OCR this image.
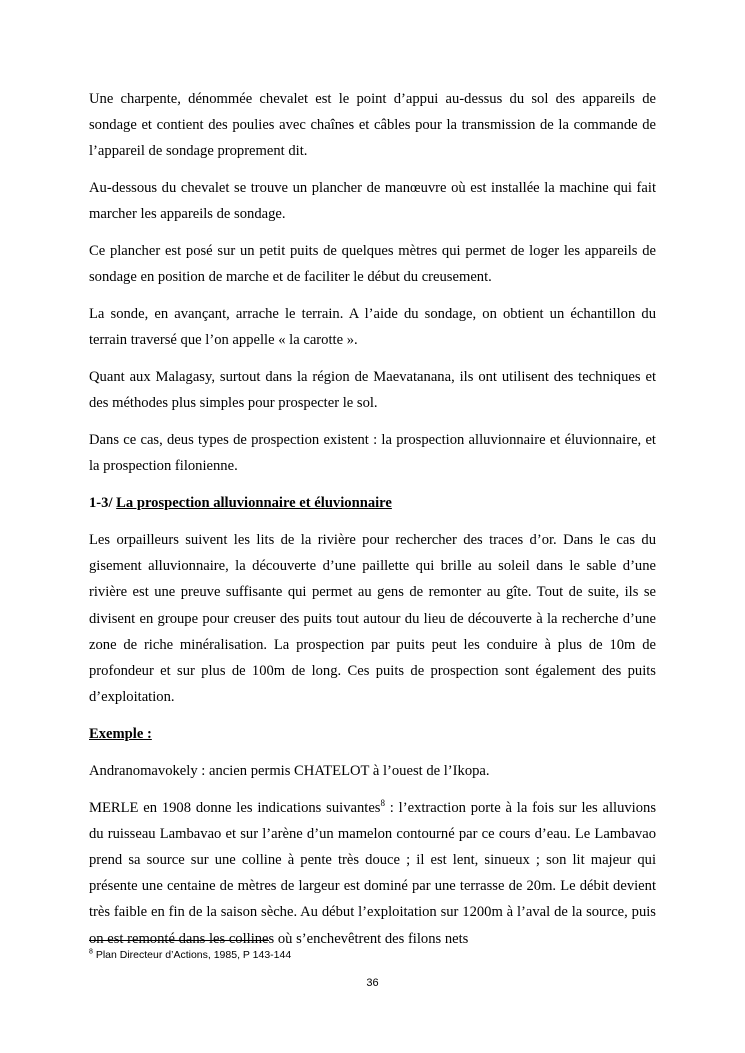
Une charpente, dénommée chevalet est le point d’appui au-dessus du sol des appareils de sondage et contient des poulies avec chaînes et câbles pour la transmission de la commande de l’appareil de sondage proprement dit.

Au-dessous du chevalet se trouve un plancher de manœuvre où est installée la machine qui fait marcher les appareils de sondage.

Ce plancher est posé sur un petit puits de quelques mètres qui permet de loger les appareils de sondage en position de marche et de faciliter le début du creusement.

La sonde, en avançant, arrache le terrain. A l’aide du sondage, on obtient un échantillon du terrain traversé que l’on appelle « la carotte ».

Quant aux Malagasy, surtout dans la région de Maevatanana, ils ont utilisent des techniques et des méthodes plus simples pour prospecter le sol.

Dans ce cas, deus types de prospection existent : la prospection alluvionnaire et éluvionnaire, et la prospection filonienne.

1-3/ La prospection alluvionnaire et éluvionnaire

Les orpailleurs suivent les lits de la rivière pour rechercher des traces d’or. Dans le cas du gisement alluvionnaire, la découverte d’une paillette qui brille au soleil dans le sable d’une rivière est une preuve suffisante qui permet au gens de remonter au gîte. Tout de suite, ils se divisent en groupe pour creuser des puits tout autour du lieu de découverte à la recherche d’une zone de riche minéralisation. La prospection par puits peut les conduire à plus de 10m de profondeur et sur plus de 100m de long. Ces puits de prospection sont également des puits d’exploitation.

Exemple :

Andranomavokely : ancien permis CHATELOT à l’ouest de l’Ikopa.

MERLE en 1908 donne les indications suivantes$^8$ : l’extraction porte à la fois sur les alluvions du ruisseau Lambavao et sur l’arène d’un mamelon contourné par ce cours d’eau. Le Lambavao prend sa source sur une colline à pente très douce ; il est lent, sinueux ; son lit majeur qui présente une centaine de mètres de largeur est dominé par une terrasse de 20m. Le débit devient très faible en fin de la saison sèche. Au début l’exploitation sur 1200m à l’aval de la source, puis on est remonté dans les collines où s’enchevêtrent des filons nets

$^8$ Plan Directeur d’Actions, 1985, P 143-144
36
